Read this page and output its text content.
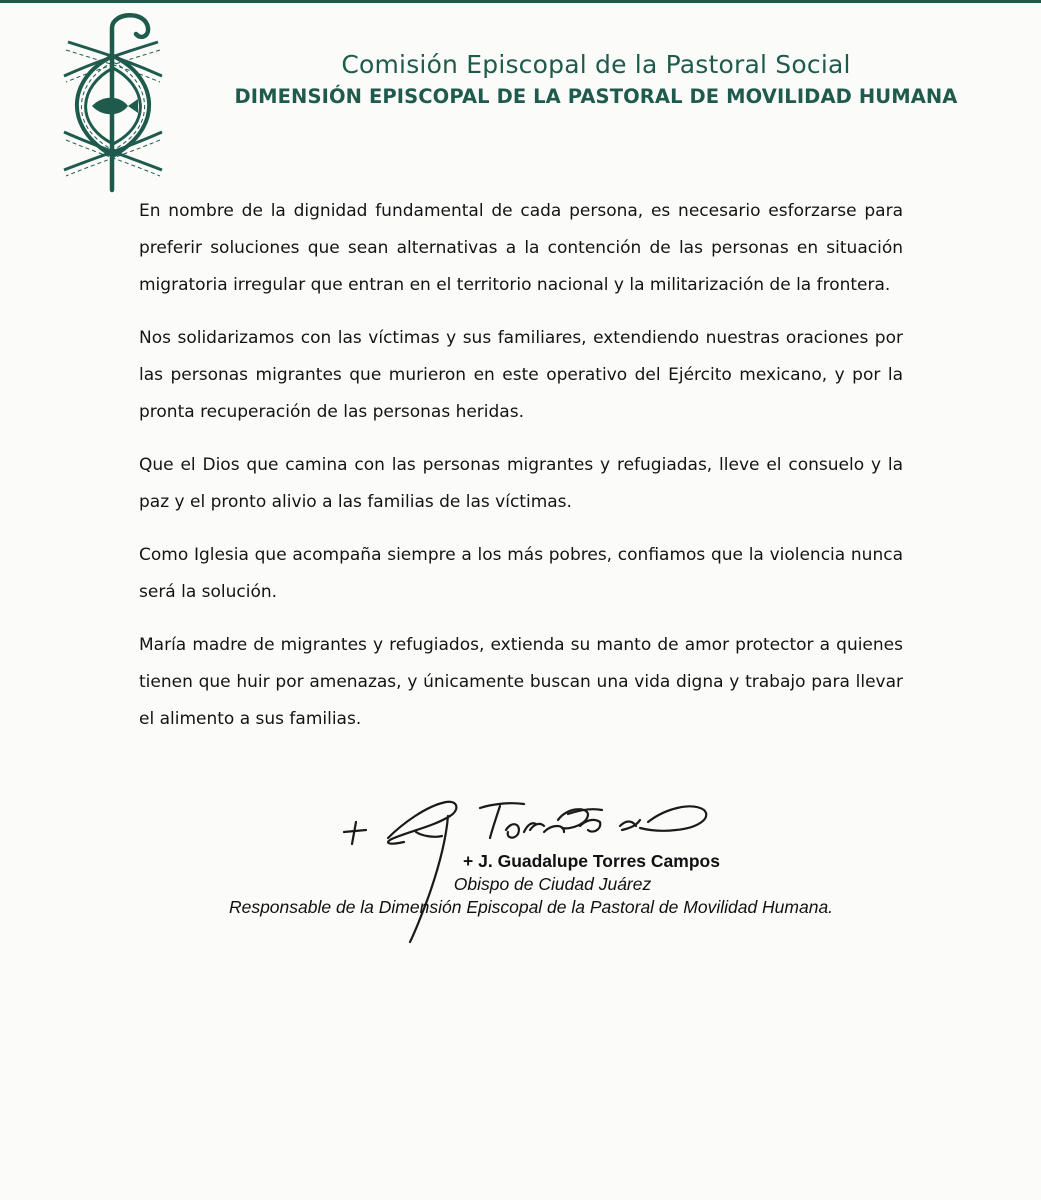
Comisión Episcopal de la Pastoral Social
DIMENSIÓN EPISCOPAL DE LA PASTORAL DE MOVILIDAD HUMANA

En nombre de la dignidad fundamental de cada persona, es necesario esforzarse para preferir soluciones que sean alternativas a la contención de las personas en situación migratoria irregular que entran en el territorio nacional y la militarización de la frontera.

Nos solidarizamos con las víctimas y sus familiares, extendiendo nuestras oraciones por las personas migrantes que murieron en este operativo del Ejército mexicano, y por la pronta recuperación de las personas heridas.

Que el Dios que camina con las personas migrantes y refugiadas, lleve el consuelo y la paz y el pronto alivio a las familias de las víctimas.

Como Iglesia que acompaña siempre a los más pobres, confiamos que la violencia nunca será la solución.

María madre de migrantes y refugiados, extienda su manto de amor protector a quienes tienen que huir por amenazas, y únicamente buscan una vida digna y trabajo para llevar el alimento a sus familias.

+ J. Guadalupe Torres Campos
Obispo de Ciudad Juárez
Responsable de la Dimensión Episcopal de la Pastoral de Movilidad Humana.
